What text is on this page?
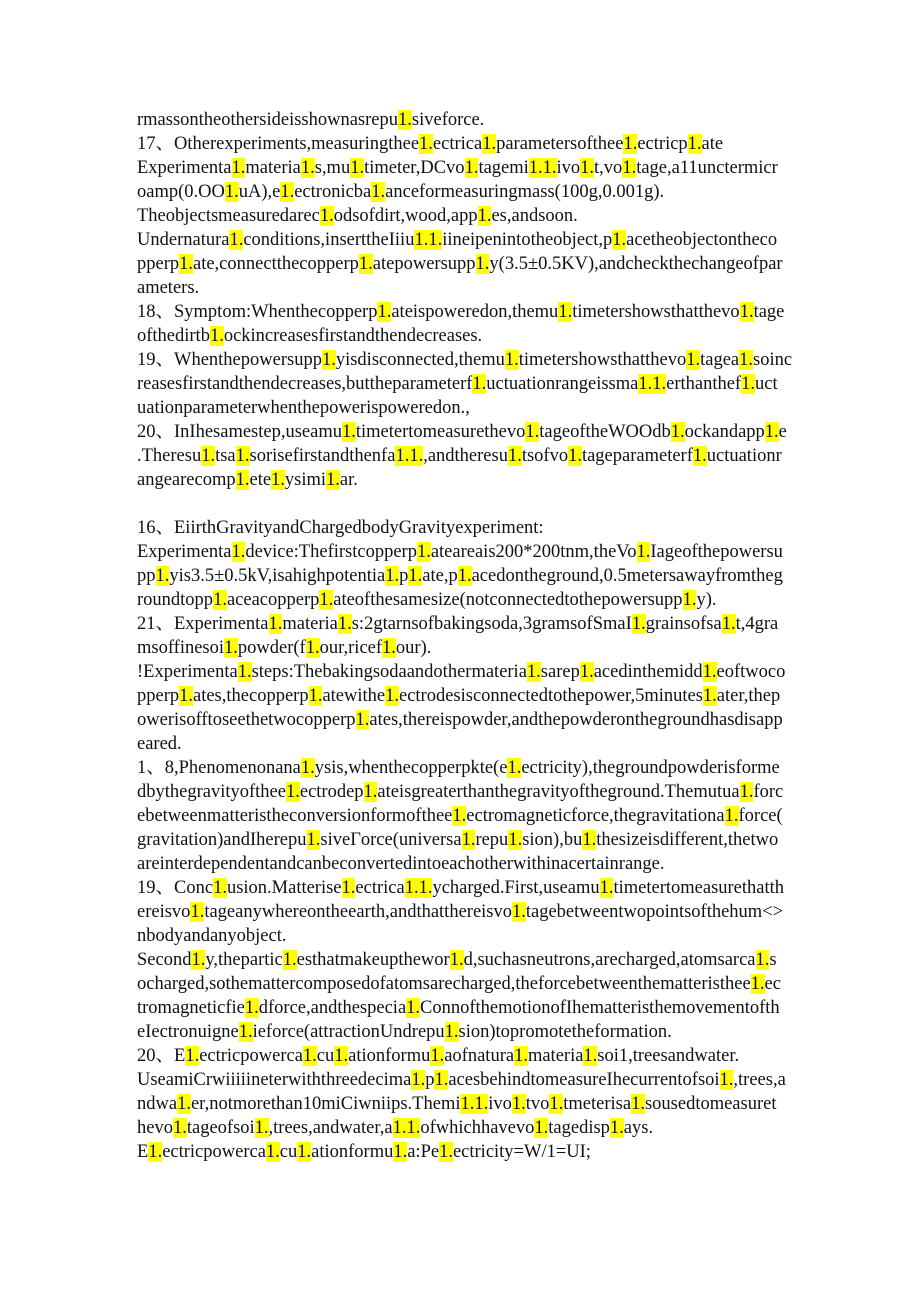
rmassontheothersideisshownasrepu1.siveforce.
17、Otherexperiments,measuringthee1.ectrica1.parametersofthee1.ectricp1.ate
Experimenta1.materia1.s,mu1.timeter,DCvo1.tagemi1.1.ivo1.t,vo1.tage,a11unctermicr
oamp(0.OO1.uA),e1.ectronicba1.anceformeasuringmass(100g,0.001g).
Theobjectsmeasuredarec1.odsofdirt,wood,app1.es,andsoon.
Undernatura1.conditions,inserttheIiiu1.1.iineipenintotheobject,p1.acetheobjectontheco
pperp1.ate,connectthecopperp1.atepowersupp1.y(3.5±0.5KV),andcheckthechangeofpar
ameters.
18、Symptom:Whenthecopperp1.ateispoweredon,themu1.timetershowsthatthevo1.tage
ofthedirtb1.ockincreasesfirstandthendecreases.
19、Whenthepowersupp1.yisdisconnected,themu1.timetershowsthatthevo1.tagea1.soinc
reasesfirstandthendecreases,buttheparameterf1.uctuationrangeissma1.1.erthanthef1.uct
uationparameterwhenthepowerispoweredon.,
20、InIhesamestep,useamu1.timetertomeasurethevo1.tageoftheWOOdb1.ockandapp1.e
.Theresu1.tsa1.sorisefirstandthenfa1.1.,andtheresu1.tsofvo1.tageparameterf1.uctuationr
angearecomp1.ete1.ysimi1.ar.
16、EiirthGravityandChargedbodyGravityexperiment:
Experimenta1.device:Thefirstcopperp1.ateareais200*200tnm,theVo1.Iageofthepowersu
pp1.yis3.5±0.5kV,isahighpotentia1.p1.ate,p1.acedontheground,0.5metersawayfromtheg
roundtopp1.aceacopperp1.ateofthesamesize(notconnectedtothepowersupp1.y).
21、Experimenta1.materia1.s:2gtarnsofbakingsoda,3gramsofSmaI1.grainsofsa1.t,4gra
msoffinesoi1.powder(f1.our,ricef1.our).
!Experimenta1.steps:Thebakingsodaandothermateria1.sarep1.acedinthemidd1.eoftwoco
pperp1.ates,thecopperp1.atewithe1.ectrodesisconnectedtothepower,5minutes1.ater,thep
owerisofftoseethetwocopperp1.ates,thereispowder,andthepowderonthegroundhasdisapp
eared.
1、8,Phenomenonana1.ysis,whenthecopperpkte(e1.ectricity),thegroundpowderisforme
dbythegravityofthee1.ectrodep1.ateisgreaterthanthegravityoftheground.Themutua1.forc
ebetweenmatteristheconversionformofthee1.ectromagneticforce,thegravitationa1.force(
gravitation)andIherepu1.siveΓorce(universa1.repu1.sion),bu1.thesizeisdifferent,thetwo
areinterdependentandcanbeconvertedintoeachotherwithinacertainrange.
19、Conc1.usion.Matterise1.ectrica1.1.ycharged.First,useamu1.timetertomeasurethatth
ereisvo1.tageanywhereontheearth,andthatthereisvo1.tagebetweentwopointsofthehum<>
nbodyandanyobject.
Second1.y,thepartic1.esthatmakeupthewor1.d,suchasneutrons,arecharged,atomsarca1.s
ocharged,sothemattercomposedofatomsarecharged,theforcebetweenthematteristhee1.ec
tromagneticfie1.dforce,andthespecia1.ConnofthemotionofIhematteristhemovementofth
eIectronuigne1.ieforce(attractionUndrepu1.sion)topromotetheformation.
20、E1.ectricpowerca1.cu1.ationformu1.aofnatura1.materia1.soi1,treesandwater.
UseamiCrwiiiiineterwiththreedecima1.p1.acesbehindtomeasureIhecurrentofsoi1.,trees,a
ndwa1.er,notmorethan10miCiwniips.Themi1.1.ivo1.tvo1.tmeterisa1.sousedtomeasuret
hevo1.tageofsoi1.,trees,andwater,a1.1.ofwhichhavevo1.tagedisp1.ays.
E1.ectricpowerca1.cu1.ationformu1.a:Pe1.ectricity=W/1=UI;
